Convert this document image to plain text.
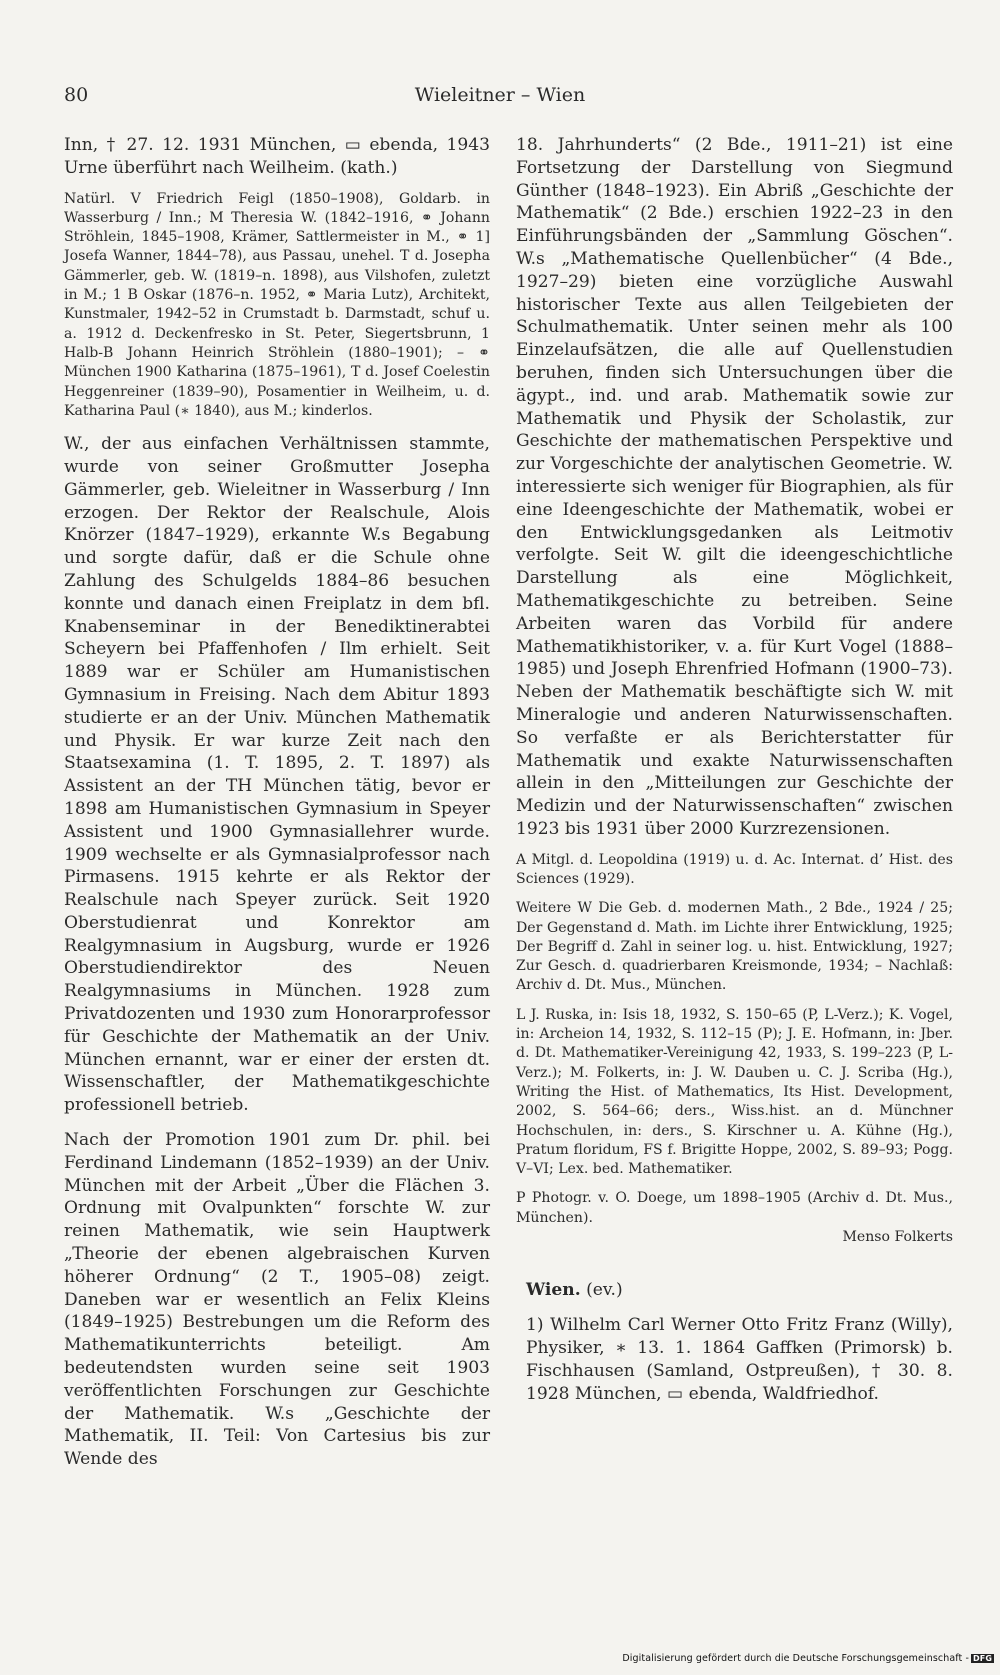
80	Wieleitner – Wien

Inn, † 27. 12. 1931 München, ▭ ebenda, 1943 Urne überführt nach Weilheim. (kath.)

Natürl. V Friedrich Feigl (1850–1908), Goldarb. in Wasserburg / Inn.; M Theresia W. (1842–1916, ⚭ Johann Ströhlein, 1845–1908, Krämer, Sattlermeister in M., ⚭ 1] Josefa Wanner, 1844–78), aus Passau, unehel. T d. Josepha Gämmerler, geb. W. (1819–n. 1898), aus Vilshofen, zuletzt in M.; 1 B Oskar (1876–n. 1952, ⚭ Maria Lutz), Architekt, Kunstmaler, 1942–52 in Crumstadt b. Darmstadt, schuf u. a. 1912 d. Deckenfresko in St. Peter, Siegertsbrunn, 1 Halb-B Johann Heinrich Ströhlein (1880–1901); – ⚭ München 1900 Katharina (1875–1961), T d. Josef Coelestin Heggenreiner (1839–90), Posamentier in Weilheim, u. d. Katharina Paul (∗ 1840), aus M.; kinderlos.

W., der aus einfachen Verhältnissen stammte, wurde von seiner Großmutter Josepha Gämmerler, geb. Wieleitner in Wasserburg / Inn erzogen. Der Rektor der Realschule, Alois Knörzer (1847–1929), erkannte W.s Begabung und sorgte dafür, daß er die Schule ohne Zahlung des Schulgelds 1884–86 besuchen konnte und danach einen Freiplatz in dem bfl. Knabenseminar in der Benediktinerabtei Scheyern bei Pfaffenhofen / Ilm erhielt. Seit 1889 war er Schüler am Humanistischen Gymnasium in Freising. Nach dem Abitur 1893 studierte er an der Univ. München Mathematik und Physik. Er war kurze Zeit nach den Staatsexamina (1. T. 1895, 2. T. 1897) als Assistent an der TH München tätig, bevor er 1898 am Humanistischen Gymnasium in Speyer Assistent und 1900 Gymnasiallehrer wurde. 1909 wechselte er als Gymnasialprofessor nach Pirmasens. 1915 kehrte er als Rektor der Realschule nach Speyer zurück. Seit 1920 Oberstudienrat und Konrektor am Realgymnasium in Augsburg, wurde er 1926 Oberstudiendirektor des Neuen Realgymnasiums in München. 1928 zum Privatdozenten und 1930 zum Honorarprofessor für Geschichte der Mathematik an der Univ. München ernannt, war er einer der ersten dt. Wissenschaftler, der Mathematikgeschichte professionell betrieb.

Nach der Promotion 1901 zum Dr. phil. bei Ferdinand Lindemann (1852–1939) an der Univ. München mit der Arbeit „Über die Flächen 3. Ordnung mit Ovalpunkten“ forschte W. zur reinen Mathematik, wie sein Hauptwerk „Theorie der ebenen algebraischen Kurven höherer Ordnung“ (2 T., 1905–08) zeigt. Daneben war er wesentlich an Felix Kleins (1849–1925) Bestrebungen um die Reform des Mathematikunterrichts beteiligt. Am bedeutendsten wurden seine seit 1903 veröffentlichten Forschungen zur Geschichte der Mathematik. W.s „Geschichte der Mathematik, II. Teil: Von Cartesius bis zur Wende des

18. Jahrhunderts“ (2 Bde., 1911–21) ist eine Fortsetzung der Darstellung von Siegmund Günther (1848–1923). Ein Abriß „Geschichte der Mathematik“ (2 Bde.) erschien 1922–23 in den Einführungsbänden der „Sammlung Göschen“. W.s „Mathematische Quellenbücher“ (4 Bde., 1927–29) bieten eine vorzügliche Auswahl historischer Texte aus allen Teilgebieten der Schulmathematik. Unter seinen mehr als 100 Einzelaufsätzen, die alle auf Quellenstudien beruhen, finden sich Untersuchungen über die ägypt., ind. und arab. Mathematik sowie zur Mathematik und Physik der Scholastik, zur Geschichte der mathematischen Perspektive und zur Vorgeschichte der analytischen Geometrie. W. interessierte sich weniger für Biographien, als für eine Ideengeschichte der Mathematik, wobei er den Entwicklungsgedanken als Leitmotiv verfolgte. Seit W. gilt die ideengeschichtliche Darstellung als eine Möglichkeit, Mathematikgeschichte zu betreiben. Seine Arbeiten waren das Vorbild für andere Mathematikhistoriker, v. a. für Kurt Vogel (1888–1985) und Joseph Ehrenfried Hofmann (1900–73). Neben der Mathematik beschäftigte sich W. mit Mineralogie und anderen Naturwissenschaften. So verfaßte er als Berichterstatter für Mathematik und exakte Naturwissenschaften allein in den „Mitteilungen zur Geschichte der Medizin und der Naturwissenschaften“ zwischen 1923 bis 1931 über 2000 Kurzrezensionen.

A Mitgl. d. Leopoldina (1919) u. d. Ac. Internat. d’ Hist. des Sciences (1929).

Weitere W Die Geb. d. modernen Math., 2 Bde., 1924 / 25; Der Gegenstand d. Math. im Lichte ihrer Entwicklung, 1925; Der Begriff d. Zahl in seiner log. u. hist. Entwicklung, 1927; Zur Gesch. d. quadrierbaren Kreismonde, 1934; – Nachlaß: Archiv d. Dt. Mus., München.

L J. Ruska, in: Isis 18, 1932, S. 150–65 (P, L-Verz.); K. Vogel, in: Archeion 14, 1932, S. 112–15 (P); J. E. Hofmann, in: Jber. d. Dt. Mathematiker-Vereinigung 42, 1933, S. 199–223 (P, L-Verz.); M. Folkerts, in: J. W. Dauben u. C. J. Scriba (Hg.), Writing the Hist. of Mathematics, Its Hist. Development, 2002, S. 564–66; ders., Wiss.hist. an d. Münchner Hochschulen, in: ders., S. Kirschner u. A. Kühne (Hg.), Pratum floridum, FS f. Brigitte Hoppe, 2002, S. 89–93; Pogg. V–VI; Lex. bed. Mathematiker.

P Photogr. v. O. Doege, um 1898–1905 (Archiv d. Dt. Mus., München).

Menso Folkerts

Wien. (ev.)

1) Wilhelm Carl Werner Otto Fritz Franz (Willy), Physiker, ∗ 13. 1. 1864 Gaffken (Primorsk) b. Fischhausen (Samland, Ostpreußen), † 30. 8. 1928 München, ▭ ebenda, Waldfriedhof.

Digitalisierung gefördert durch die Deutsche Forschungsgemeinschaft - DFG
